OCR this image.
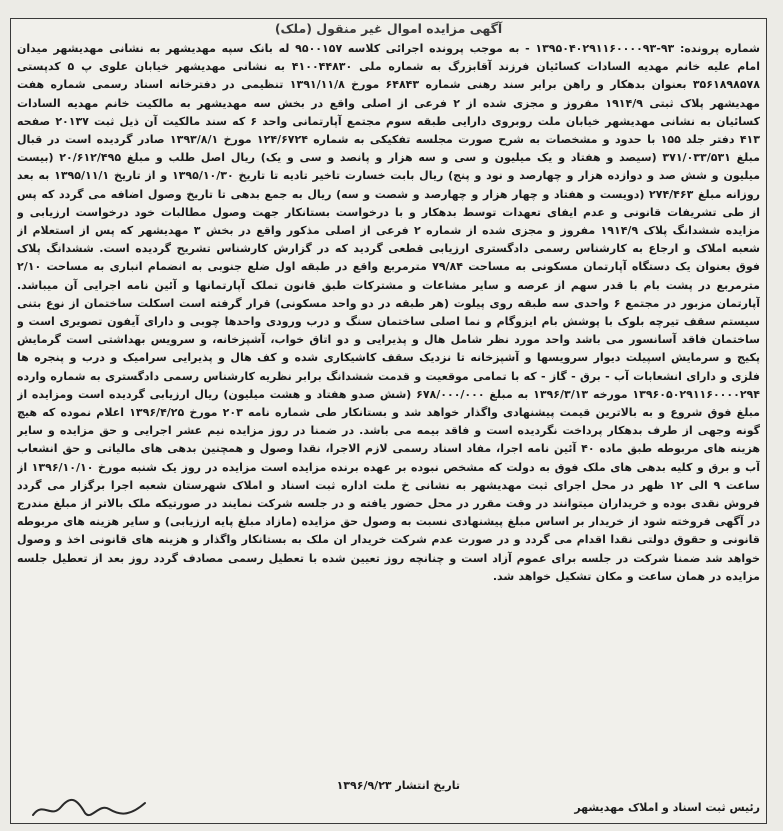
آگهی مزایده اموال غیر منقول (ملک)

شماره پرونده: ۹۳-۱۳۹۵۰۴۰۲۹۱۱۶۰۰۰۰۹۳ - به موجب پرونده اجرائی کلاسه ۹۵۰۰۱۵۷ له بانک سپه مهدیشهر به نشانی مهدیشهر میدان امام علیه خانم مهدیه السادات کسائیان فرزند آقابزرگ به شماره ملی ۴۱۰۰۴۴۸۳۰ به نشانی مهدیشهر خیابان علوی پ ۵ کدپستی ۳۵۶۱۸۹۸۵۷۸ بعنوان بدهکار و راهن برابر سند رهنی شماره ۶۴۸۴۳ مورخ ۱۳۹۱/۱۱/۸ تنظیمی در دفترخانه اسناد رسمی شماره هفت مهدیشهر پلاک ثبتی ۱۹۱۴/۹ مفروز و مجزی شده از ۲ فرعی از اصلی واقع در بخش سه مهدیشهر به مالکیت خانم مهدیه السادات کسائیان به نشانی مهدیشهر خیابان ملت روبروی دارایی طبقه سوم مجتمع آپارتمانی واحد ۶ که سند مالکیت آن ذیل ثبت ۲۰۱۳۷ صفحه ۴۱۳ دفتر جلد ۱۵۵ با حدود و مشخصات به شرح صورت مجلسه تفکیکی به شماره ۱۲۴/۶۷۲۴ مورخ ۱۳۹۳/۸/۱ صادر گردیده است در قبال مبلغ ۳۷۱/۰۳۳/۵۳۱ (سیصد و هفتاد و یک میلیون و سی و سه هزار و پانصد و سی و یک) ریال اصل طلب و مبلغ ۲۰/۶۱۲/۴۹۵ (بیست میلیون و شش صد و دوازده هزار و چهارصد و نود و پنج) ریال بابت خسارت تاخیر تادیه تا تاریخ ۱۳۹۵/۱۰/۳۰ و از تاریخ ۱۳۹۵/۱۱/۱ به بعد روزانه مبلغ ۲۷۴/۴۶۳ (دویست و هفتاد و چهار هزار و چهارصد و شصت و سه) ریال به جمع بدهی تا تاریخ وصول اضافه می گردد که پس از طی تشریفات قانونی و عدم ایفای تعهدات توسط بدهکار و با درخواست بستانکار جهت وصول مطالبات خود درخواست ارزیابی و مزایده ششدانگ پلاک ۱۹۱۴/۹ مفروز و مجزی شده از شماره ۲ فرعی از اصلی مذکور واقع در بخش ۳ مهدیشهر که پس از استعلام از شعبه املاک و ارجاع به کارشناس رسمی دادگستری ارزیابی قطعی گردید که در گزارش کارشناس تشریح گردیده است. ششدانگ پلاک فوق بعنوان یک دستگاه آپارتمان مسکونی به مساحت ۷۹/۸۴ مترمربع واقع در طبقه اول ضلع جنوبی به انضمام انباری به مساحت ۲/۱۰ مترمربع در پشت بام با قدر سهم از عرصه و سایر مشاعات و مشترکات طبق قانون تملک آپارتمانها و آئین نامه اجرایی آن میباشد. آپارتمان مزبور در مجتمع ۶ واحدی سه طبقه روی پیلوت (هر طبقه در دو واحد مسکونی) قرار گرفته است اسکلت ساختمان از نوع بتنی سیستم سقف تیرچه بلوک با پوشش بام ایزوگام و نما اصلی ساختمان سنگ و درب ورودی واحدها چوبی و دارای آیفون تصویری است و ساختمان فاقد آسانسور می باشد واحد مورد نظر شامل هال و پذیرایی و دو اتاق خواب، آشپزخانه، و سرویس بهداشتی است گرمایش پکیج و سرمایش اسپیلت دیوار سرویسها و آشپزخانه تا نزدیک سقف کاشیکاری شده و کف هال و پذیرایی سرامیک و درب و پنجره ها فلزی و دارای انشعابات آب - برق - گاز - که با تمامی موقعیت و قدمت ششدانگ برابر نظریه کارشناس رسمی دادگستری به شماره وارده ۱۳۹۶۰۵۰۲۹۱۱۶۰۰۰۰۲۹۴ مورخه ۱۳۹۶/۳/۱۳ به مبلغ ۶۷۸/۰۰۰/۰۰۰ (شش صدو هفتاد و هشت میلیون) ریال ارزیابی گردیده است ومزایده از مبلغ فوق شروع و به بالاترین قیمت پیشنهادی واگذار خواهد شد و بستانکار طی شماره نامه ۲۰۳ مورخ ۱۳۹۶/۴/۲۵ اعلام نموده که هیچ گونه وجهی از طرف بدهکار پرداخت نگردیده است و فاقد بیمه می باشد. در ضمنا در روز مزایده نیم عشر اجرایی و حق مزایده و سایر هزینه های مربوطه طبق ماده ۴۰ آئین نامه اجرا، مفاد اسناد رسمی لازم الاجرا، نقدا وصول و همچنین بدهی های مالیاتی و حق انشعاب آب و برق و کلیه بدهی های ملک فوق به دولت که مشخص نبوده بر عهده برنده مزایده است مزایده در روز یک شنبه مورخ ۱۳۹۶/۱۰/۱۰ از ساعت ۹ الی ۱۲ ظهر در محل اجرای ثبت مهدیشهر به نشانی خ ملت اداره ثبت اسناد و املاک شهرستان شعبه اجرا برگزار می گردد فروش نقدی بوده و خریداران میتوانند در وقت مقرر در محل حضور یافته و در جلسه شرکت نمایند در صورتیکه ملک بالاتر از مبلغ مندرج در آگهی فروخته شود از خریدار بر اساس مبلغ پیشنهادی نسبت به وصول حق مزایده (مازاد مبلغ پایه ارزیابی) و سایر هزینه های مربوطه قانونی و حقوق دولتی نقدا اقدام می گردد و در صورت عدم شرکت خریدار ان ملک به بستانکار واگذار و هزینه های قانونی اخذ و وصول خواهد شد ضمنا شرکت در جلسه برای عموم آزاد است و چنانچه روز تعیین شده با تعطیل رسمی مصادف گردد روز بعد از تعطیل جلسه مزایده در همان ساعت و مکان تشکیل خواهد شد.

تاریخ انتشار ۱۳۹۶/۹/۲۳
رئیس ثبت اسناد و املاک مهدیشهر
